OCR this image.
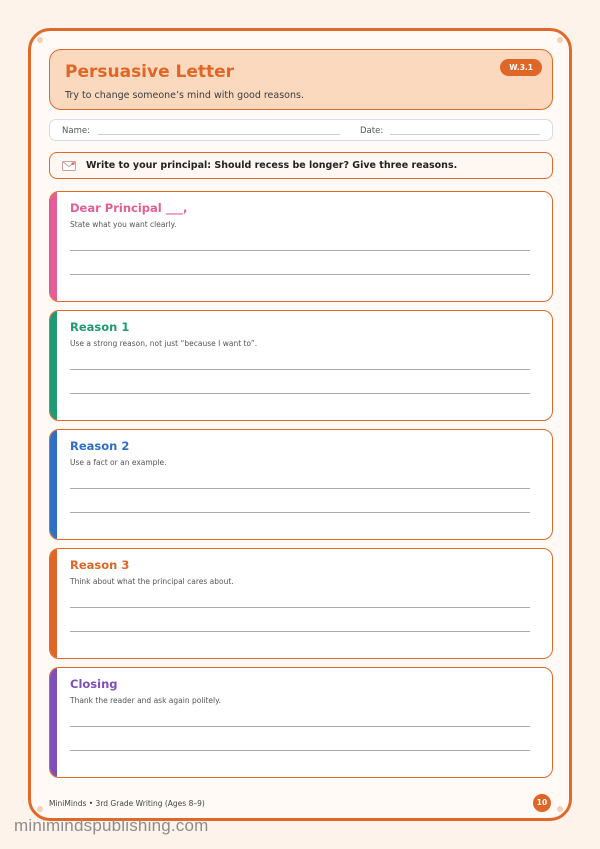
Persuasive Letter
Try to change someone’s mind with good reasons.
W.3.1
Name:	Date:
Write to your principal: Should recess be longer? Give three reasons.
Dear Principal ___,
State what you want clearly.
Reason 1
Use a strong reason, not just “because I want to”.
Reason 2
Use a fact or an example.
Reason 3
Think about what the principal cares about.
Closing
Thank the reader and ask again politely.
MiniMinds • 3rd Grade Writing (Ages 8–9)	10
minimindspublishing.com
